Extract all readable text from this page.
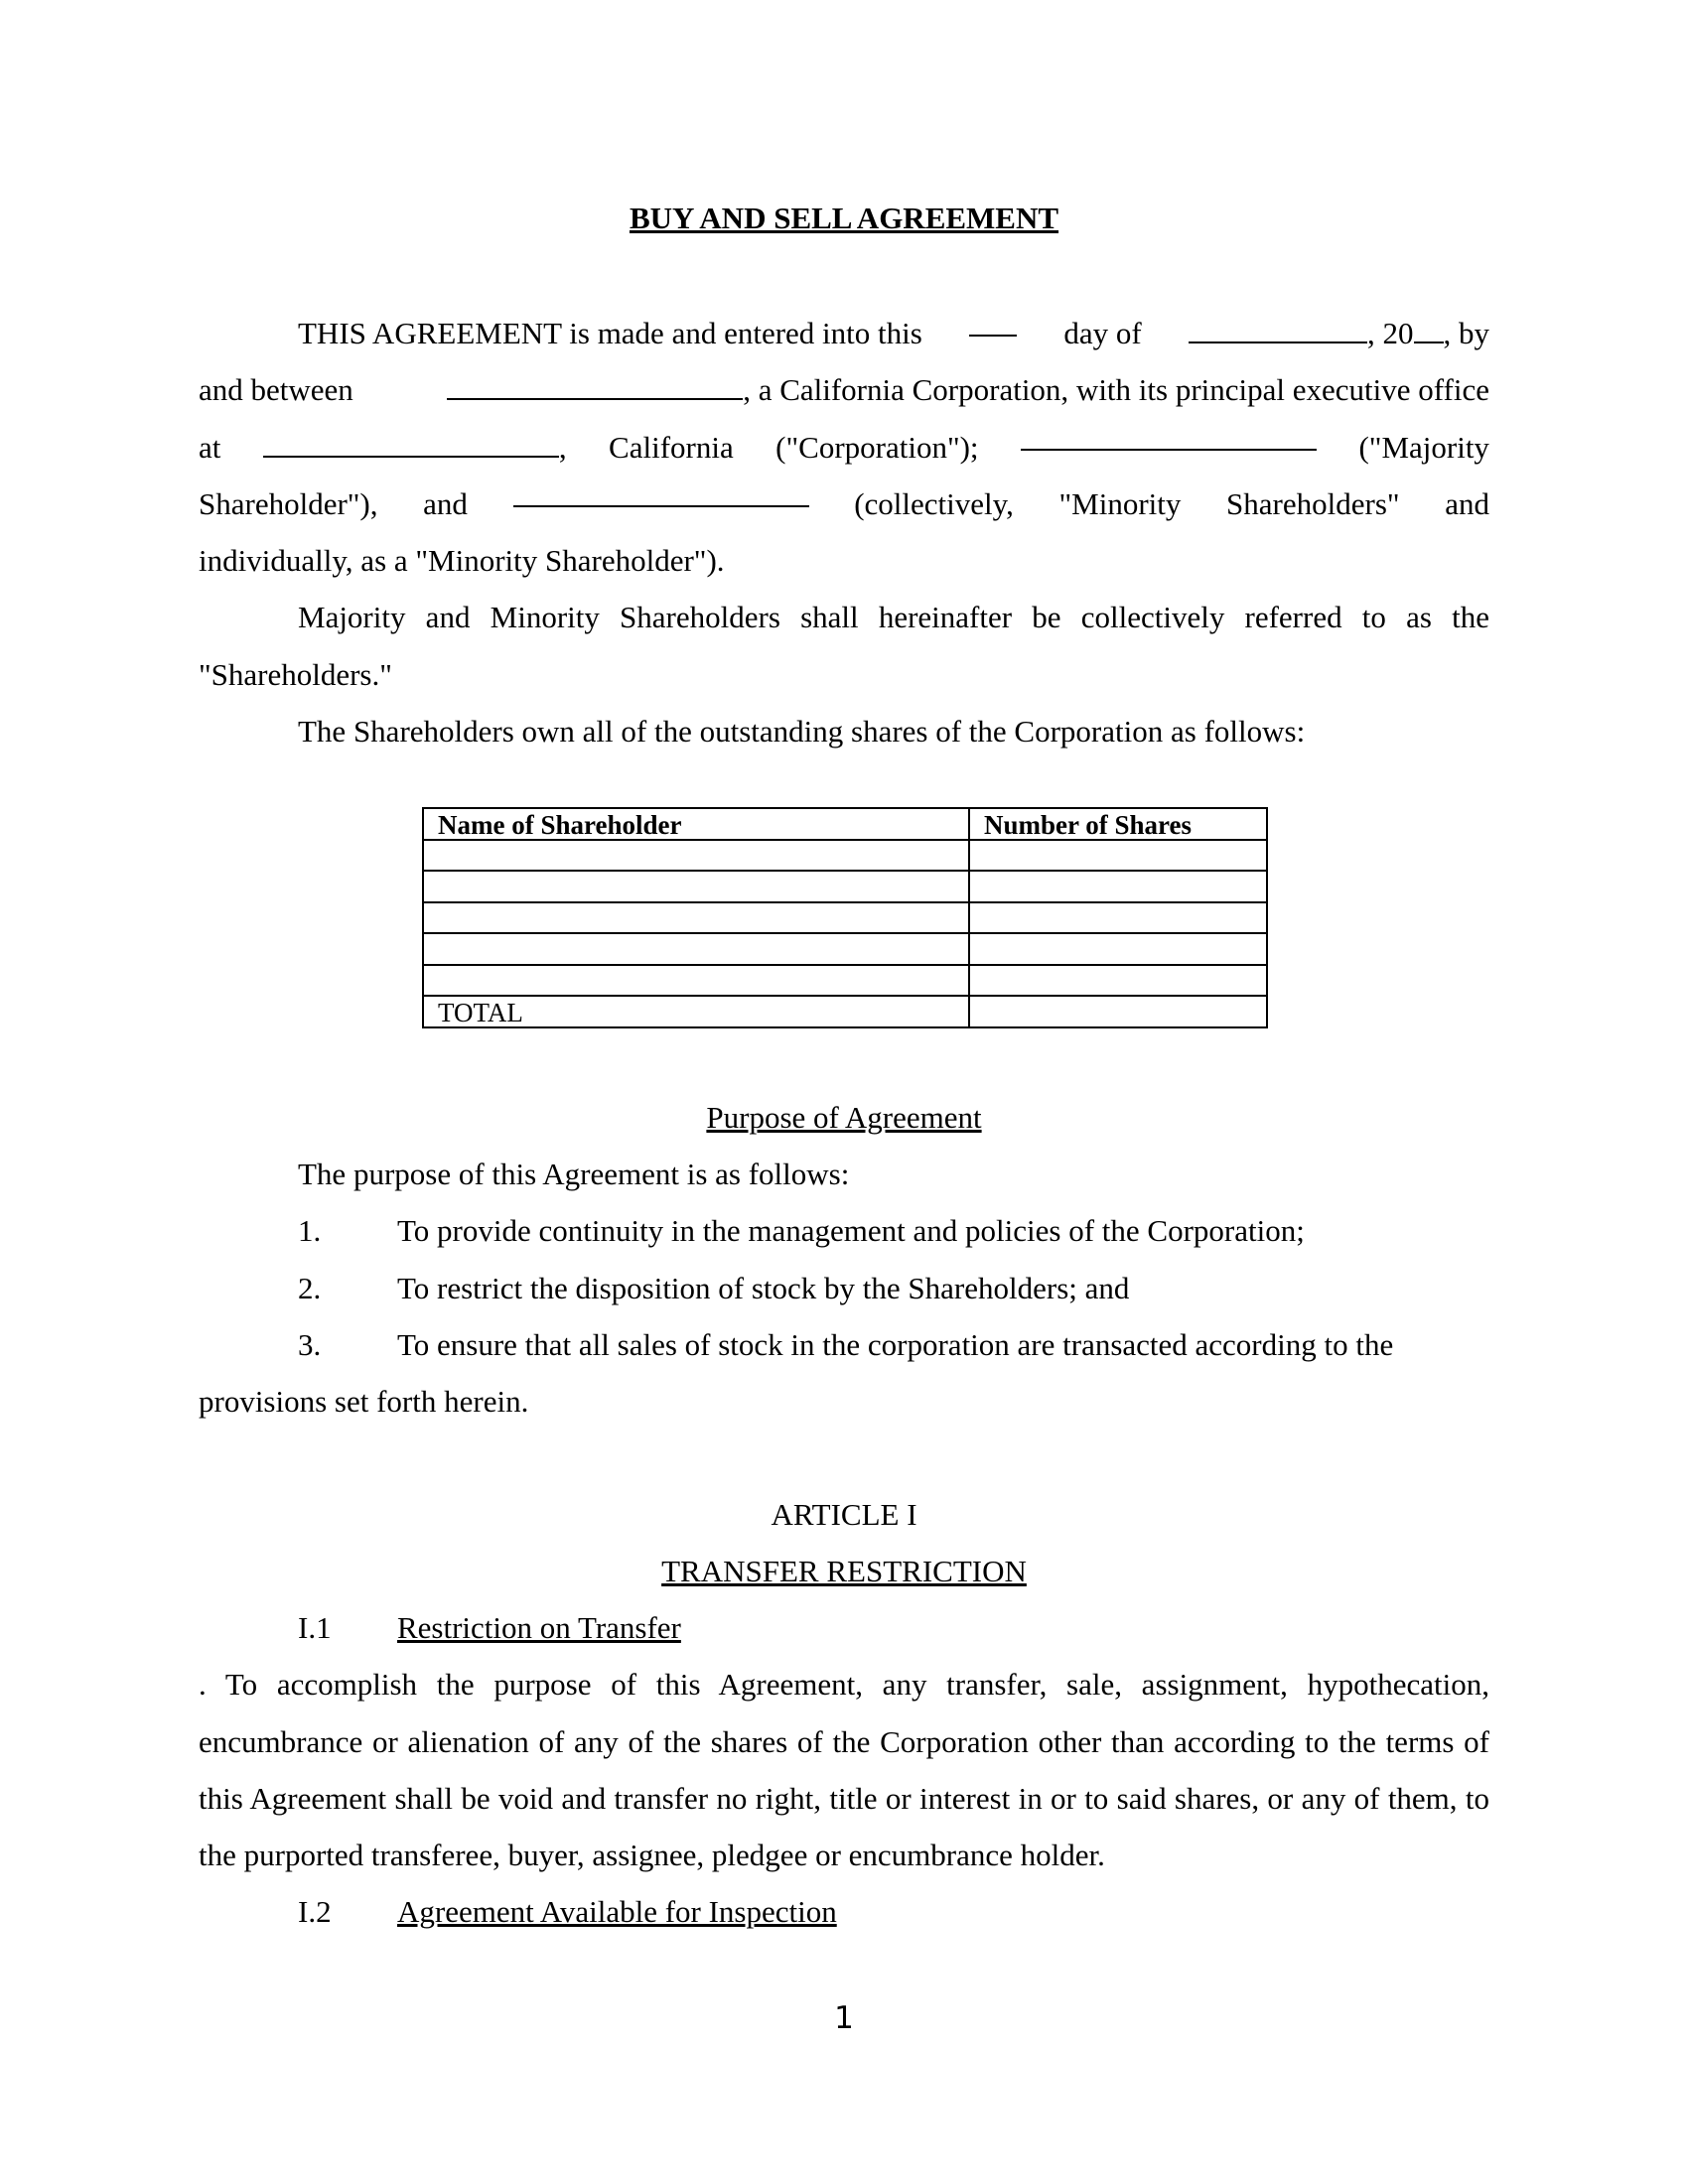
BUY AND SELL AGREEMENT
THIS AGREEMENT is made and entered into this	day of	, 20 , by
and between	, a California Corporation, with its principal executive office
at	, California ("Corporation");	("Majority
Shareholder"), and	(collectively, "Minority Shareholders" and
individually, as a "Minority Shareholder").

Majority and Minority Shareholders shall hereinafter be collectively referred to as the "Shareholders."

The Shareholders own all of the outstanding shares of the Corporation as follows:

Name of Shareholder	Number of Shares

TOTAL	
Purpose of Agreement

The purpose of this Agreement is as follows:

1.	To provide continuity in the management and policies of the Corporation;
2.	To restrict the disposition of stock by the Shareholders; and
3.	To ensure that all sales of stock in the corporation are transacted according to the

provisions set forth herein.

ARTICLE I
TRANSFER RESTRICTION
I.1	Restriction on Transfer

. To accomplish the purpose of this Agreement, any transfer, sale, assignment, hypothecation, encumbrance or alienation of any of the shares of the Corporation other than according to the terms of this Agreement shall be void and transfer no right, title or interest in or to said shares, or any of them, to the purported transferee, buyer, assignee, pledgee or encumbrance holder.

I.2	Agreement Available for Inspection
1
